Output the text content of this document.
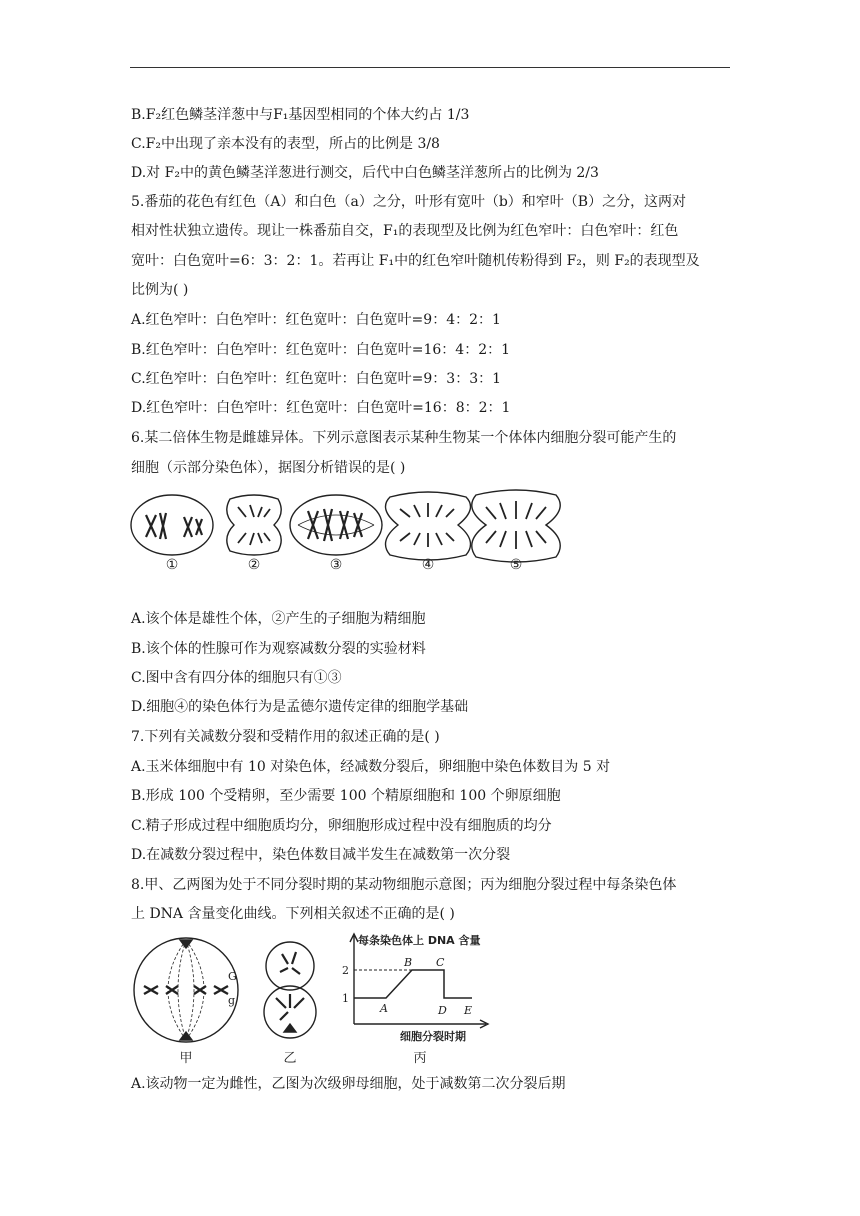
B.F₂红色鳞茎洋葱中与F₁基因型相同的个体大约占 1/3
C.F₂中出现了亲本没有的表型，所占的比例是 3/8
D.对 F₂中的黄色鳞茎洋葱进行测交，后代中白色鳞茎洋葱所占的比例为 2/3
5.番茄的花色有红色（A）和白色（a）之分，叶形有宽叶（b）和窄叶（B）之分，这两对
相对性状独立遗传。现让一株番茄自交，F₁的表现型及比例为红色窄叶：白色窄叶：红色
宽叶：白色宽叶=6：3：2：1。若再让 F₁中的红色窄叶随机传粉得到 F₂，则 F₂的表现型及
比例为( )
A.红色窄叶：白色窄叶：红色宽叶：白色宽叶=9：4：2：1
B.红色窄叶：白色窄叶：红色宽叶：白色宽叶=16：4：2：1
C.红色窄叶：白色窄叶：红色宽叶：白色宽叶=9：3：3：1
D.红色窄叶：白色窄叶：红色宽叶：白色宽叶=16：8：2：1
6.某二倍体生物是雌雄异体。下列示意图表示某种生物某一个体体内细胞分裂可能产生的
细胞（示部分染色体），据图分析错误的是( )
①	②	③	④	⑤
A.该个体是雄性个体，②产生的子细胞为精细胞
B.该个体的性腺可作为观察减数分裂的实验材料
C.图中含有四分体的细胞只有①③
D.细胞④的染色体行为是孟德尔遗传定律的细胞学基础
7.下列有关减数分裂和受精作用的叙述正确的是( )
A.玉米体细胞中有 10 对染色体，经减数分裂后，卵细胞中染色体数目为 5 对
B.形成 100 个受精卵，至少需要 100 个精原细胞和 100 个卵原细胞
C.精子形成过程中细胞质均分，卵细胞形成过程中没有细胞质的均分
D.在减数分裂过程中，染色体数目减半发生在减数第一次分裂
8.甲、乙两图为处于不同分裂时期的某动物细胞示意图；丙为细胞分裂过程中每条染色体
上 DNA 含量变化曲线。下列相关叙述不正确的是( )
G
g
每条染色体上 DNA 含量
细胞分裂时期
2
1
A
B C
D E
甲	乙	丙
A.该动物一定为雌性，乙图为次级卵母细胞，处于减数第二次分裂后期
